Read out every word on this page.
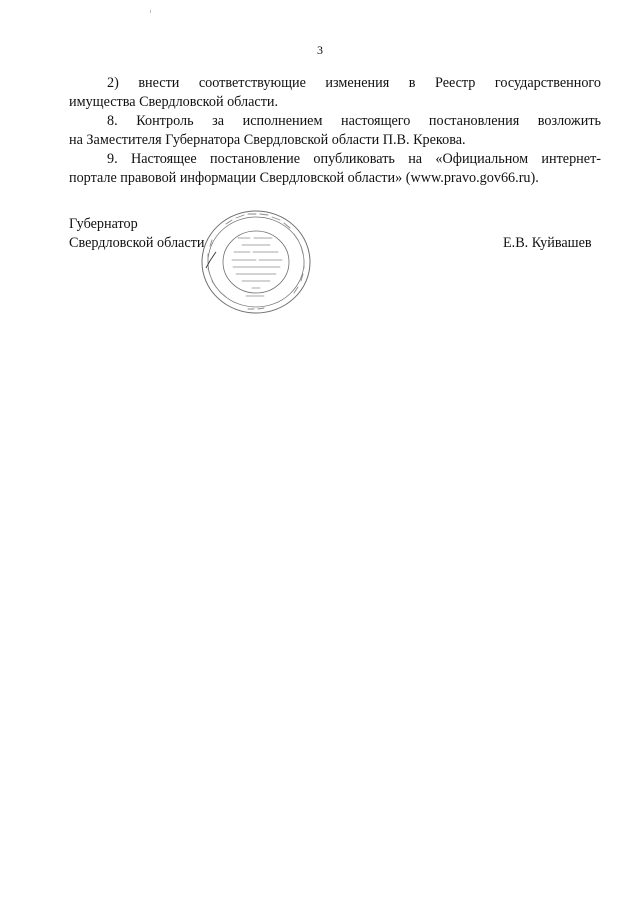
3
2) внести соответствующие изменения в Реестр государственного
имущества Свердловской области.
8. Контроль за исполнением настоящего постановления возложить
на Заместителя Губернатора Свердловской области П.В. Крекова.
9. Настоящее постановление опубликовать на «Официальном интернет-
портале правовой информации Свердловской области» (www.pravo.gov66.ru).
Губернатор
Свердловской области	Е.В. Куйвашев
